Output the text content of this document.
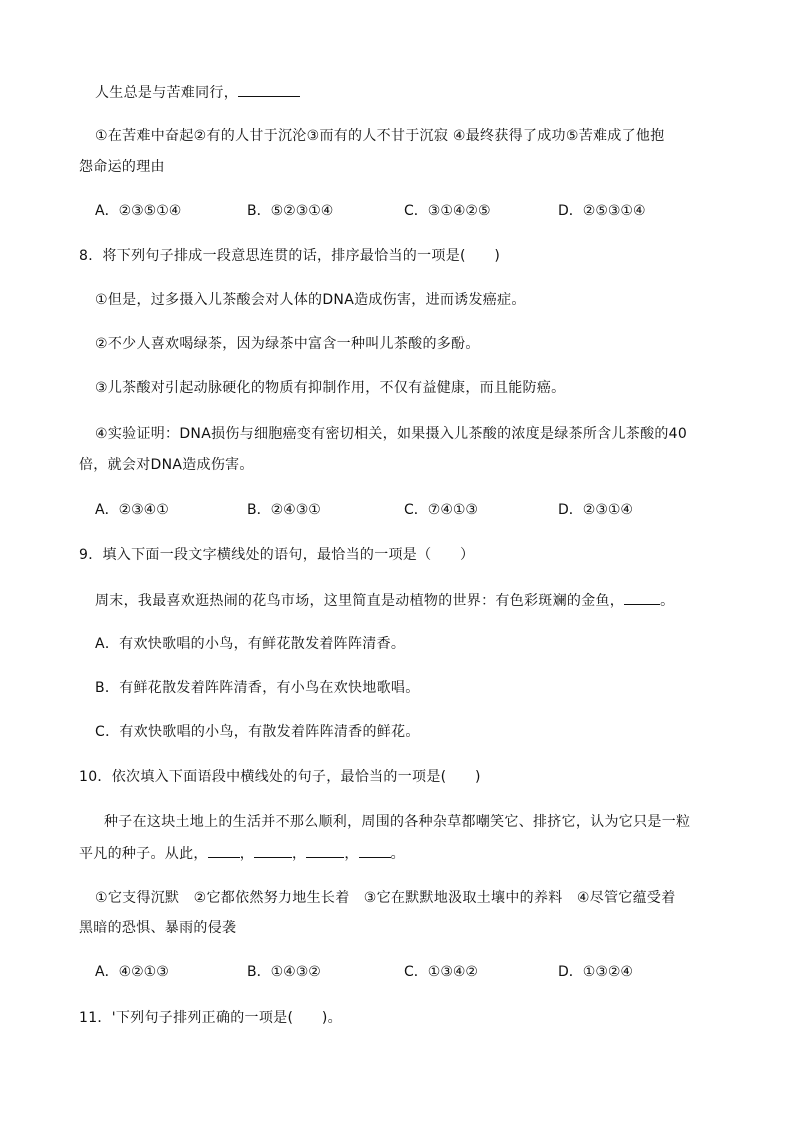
人生总是与苦难同行，
①在苦难中奋起②有的人甘于沉沦③而有的人不甘于沉寂 ④最终获得了成功⑤苦难成了他抱
怨命运的理由
A．②③⑤①④	B．⑤②③①④	C．③①④②⑤	D．②⑤③①④
8．将下列句子排成一段意思连贯的话，排序最恰当的一项是(　　)
①但是，过多摄入儿茶酸会对人体的DNA造成伤害，进而诱发癌症。
②不少人喜欢喝绿茶，因为绿茶中富含一种叫儿茶酸的多酚。
③儿茶酸对引起动脉硬化的物质有抑制作用，不仅有益健康，而且能防癌。
④实验证明：DNA损伤与细胞癌变有密切相关，如果摄入儿茶酸的浓度是绿茶所含儿茶酸的40
倍，就会对DNA造成伤害。
A．②③④①	B．②④③①	C．⑦④①③	D．②③①④
9．填入下面一段文字横线处的语句，最恰当的一项是（　　）
周末，我最喜欢逛热闹的花鸟市场，这里简直是动植物的世界：有色彩斑斓的金鱼，	。
A．有欢快歌唱的小鸟，有鲜花散发着阵阵清香。
B．有鲜花散发着阵阵清香，有小鸟在欢快地歌唱。
C．有欢快歌唱的小鸟，有散发着阵阵清香的鲜花。
10．依次填入下面语段中横线处的句子，最恰当的一项是(　　)
种子在这块土地上的生活并不那么顺利，周围的各种杂草都嘲笑它、排挤它，认为它只是一粒
平凡的种子。从此， ，	，	， 。
①它支得沉默　②它都依然努力地生长着　③它在默默地汲取土壤中的养料　④尽管它蕴受着
黑暗的恐惧、暴雨的侵袭
A．④②①③	B．①④③②	C．①③④②	D．①③②④
11．'下列句子排列正确的一项是(　　)。
